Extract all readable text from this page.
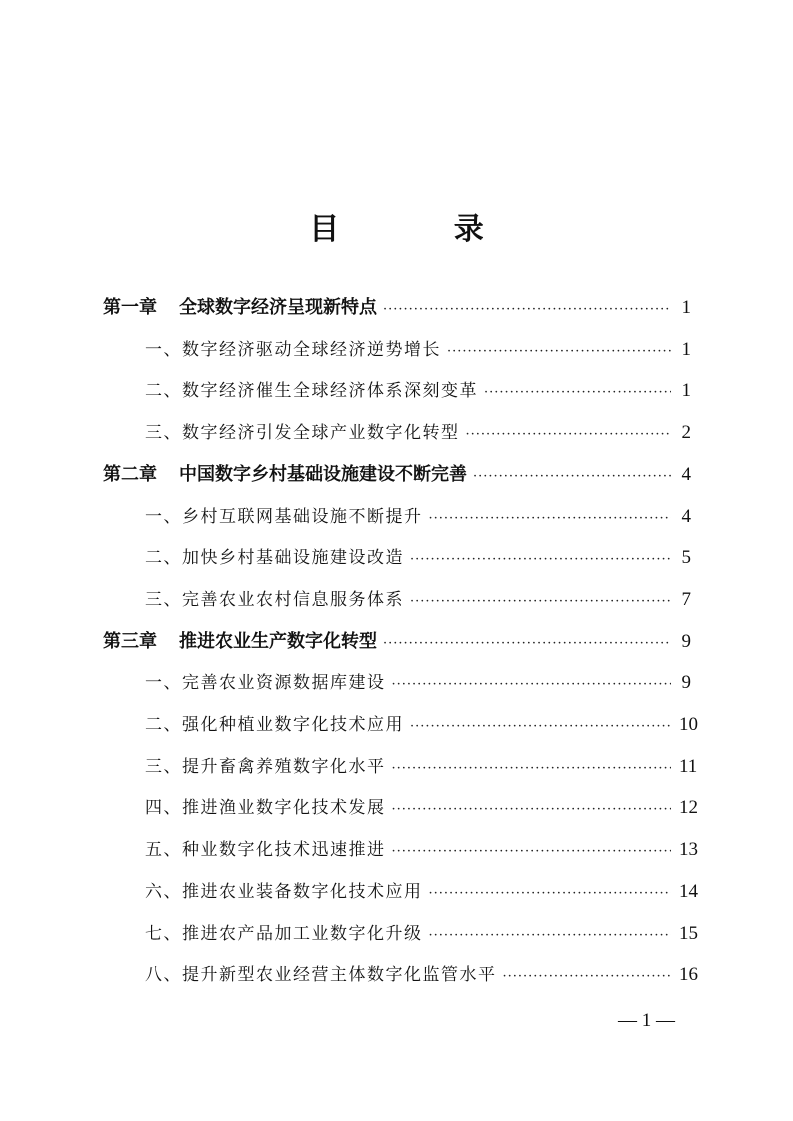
目 录
第一章 全球数字经济呈现新特点 ·····	1
一、数字经济驱动全球经济逆势增长 ·····	1
二、数字经济催生全球经济体系深刻变革 ·····	1
三、数字经济引发全球产业数字化转型 ·····	2
第二章 中国数字乡村基础设施建设不断完善 ·····	4
一、乡村互联网基础设施不断提升 ·····	4
二、加快乡村基础设施建设改造 ·····	5
三、完善农业农村信息服务体系 ·····	7
第三章 推进农业生产数字化转型 ·····	9
一、完善农业资源数据库建设 ·····	9
二、强化种植业数字化技术应用 ·····	10
三、提升畜禽养殖数字化水平 ·····	11
四、推进渔业数字化技术发展 ·····	12
五、种业数字化技术迅速推进 ·····	13
六、推进农业装备数字化技术应用 ·····	14
七、推进农产品加工业数字化升级 ·····	15
八、提升新型农业经营主体数字化监管水平 ·····	16
— 1 —
